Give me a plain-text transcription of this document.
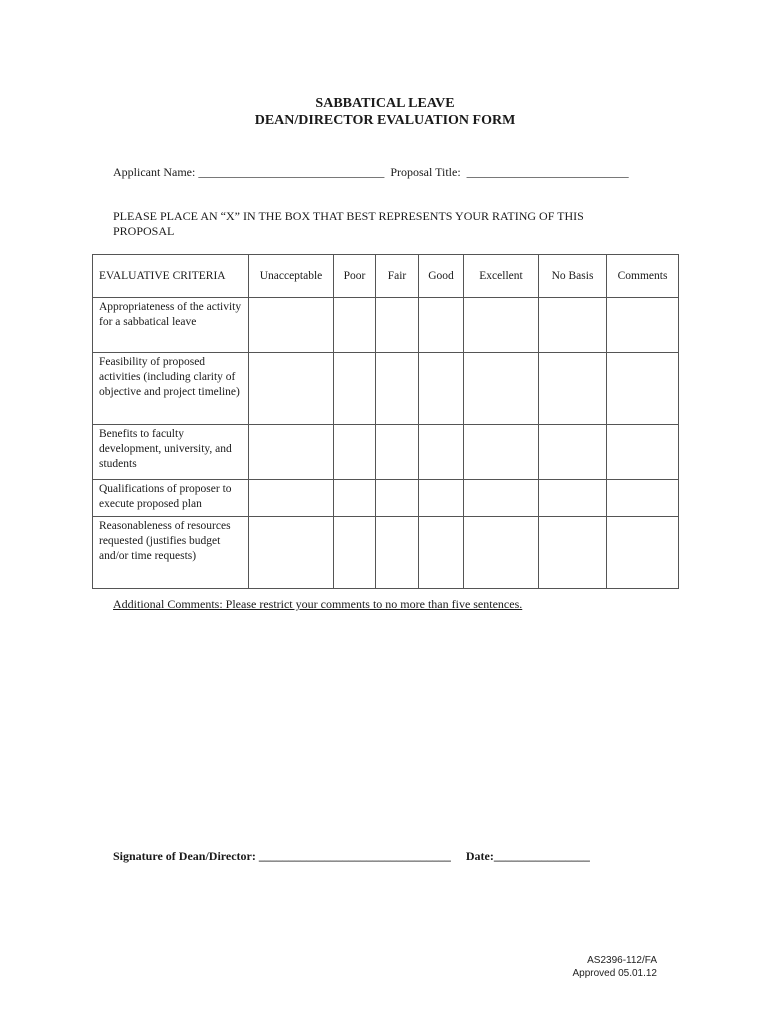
SABBATICAL LEAVE
DEAN/DIRECTOR EVALUATION FORM
Applicant Name: _______________________________ Proposal Title: ___________________________
PLEASE PLACE AN “X” IN THE BOX THAT BEST REPRESENTS YOUR RATING OF THIS PROPOSAL
EVALUATIVE CRITERIA	Unacceptable	Poor	Fair	Good	Excellent	No Basis	Comments
Appropriateness of the activity for a sabbatical leave							
Feasibility of proposed activities (including clarity of objective and project timeline)							
Benefits to faculty development, university, and students							
Qualifications of proposer to execute proposed plan							
Reasonableness of resources requested (justifies budget and/or time requests)							
Additional Comments: Please restrict your comments to no more than five sentences.
Signature of Dean/Director: ________________________________ Date:________________
AS2396-112/FA
Approved 05.01.12
